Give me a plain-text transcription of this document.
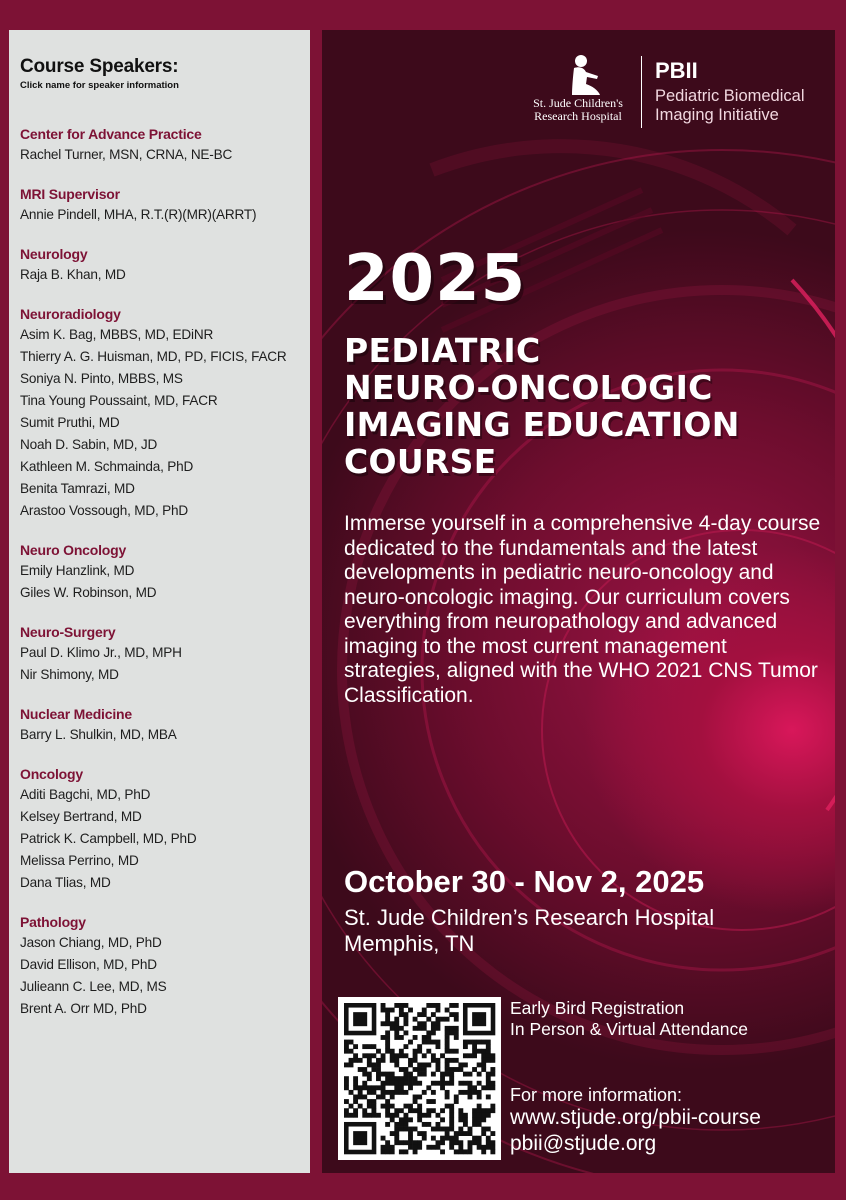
Course Speakers:
Click name for speaker information
Center for Advance Practice
Rachel Turner, MSN, CRNA, NE-BC
MRI Supervisor
Annie Pindell, MHA, R.T.(R)(MR)(ARRT)
Neurology
Raja B. Khan, MD
Neuroradiology
Asim K. Bag, MBBS, MD, EDiNR
Thierry A. G. Huisman, MD, PD, FICIS, FACR
Soniya N. Pinto, MBBS, MS
Tina Young Poussaint, MD, FACR
Sumit Pruthi, MD
Noah D. Sabin, MD, JD
Kathleen M. Schmainda, PhD
Benita Tamrazi, MD
Arastoo Vossough, MD, PhD
Neuro Oncology
Emily Hanzlink, MD
Giles W. Robinson, MD
Neuro-Surgery
Paul D. Klimo Jr., MD, MPH
Nir Shimony, MD
Nuclear Medicine
Barry L. Shulkin, MD, MBA
Oncology
Aditi Bagchi, MD, PhD
Kelsey Bertrand, MD
Patrick K. Campbell, MD, PhD
Melissa Perrino, MD
Dana Tlias, MD
Pathology
Jason Chiang, MD, PhD
David Ellison, MD, PhD
Julieann C. Lee, MD, MS
Brent A. Orr MD, PhD
St. Jude Children's
Research Hospital
PBII
Pediatric Biomedical
Imaging Initiative
2025
PEDIATRIC
NEURO-ONCOLOGIC
IMAGING EDUCATION
COURSE
Immerse yourself in a comprehensive 4-day course dedicated to the fundamentals and the latest developments in pediatric neuro-oncology and neuro-oncologic imaging. Our curriculum covers everything from neuropathology and advanced imaging to the most current management strategies, aligned with the WHO 2021 CNS Tumor Classification.
October 30 - Nov 2, 2025
St. Jude Children’s Research Hospital
Memphis, TN
Early Bird Registration
In Person & Virtual Attendance
For more information:
www.stjude.org/pbii-course
pbii@stjude.org
